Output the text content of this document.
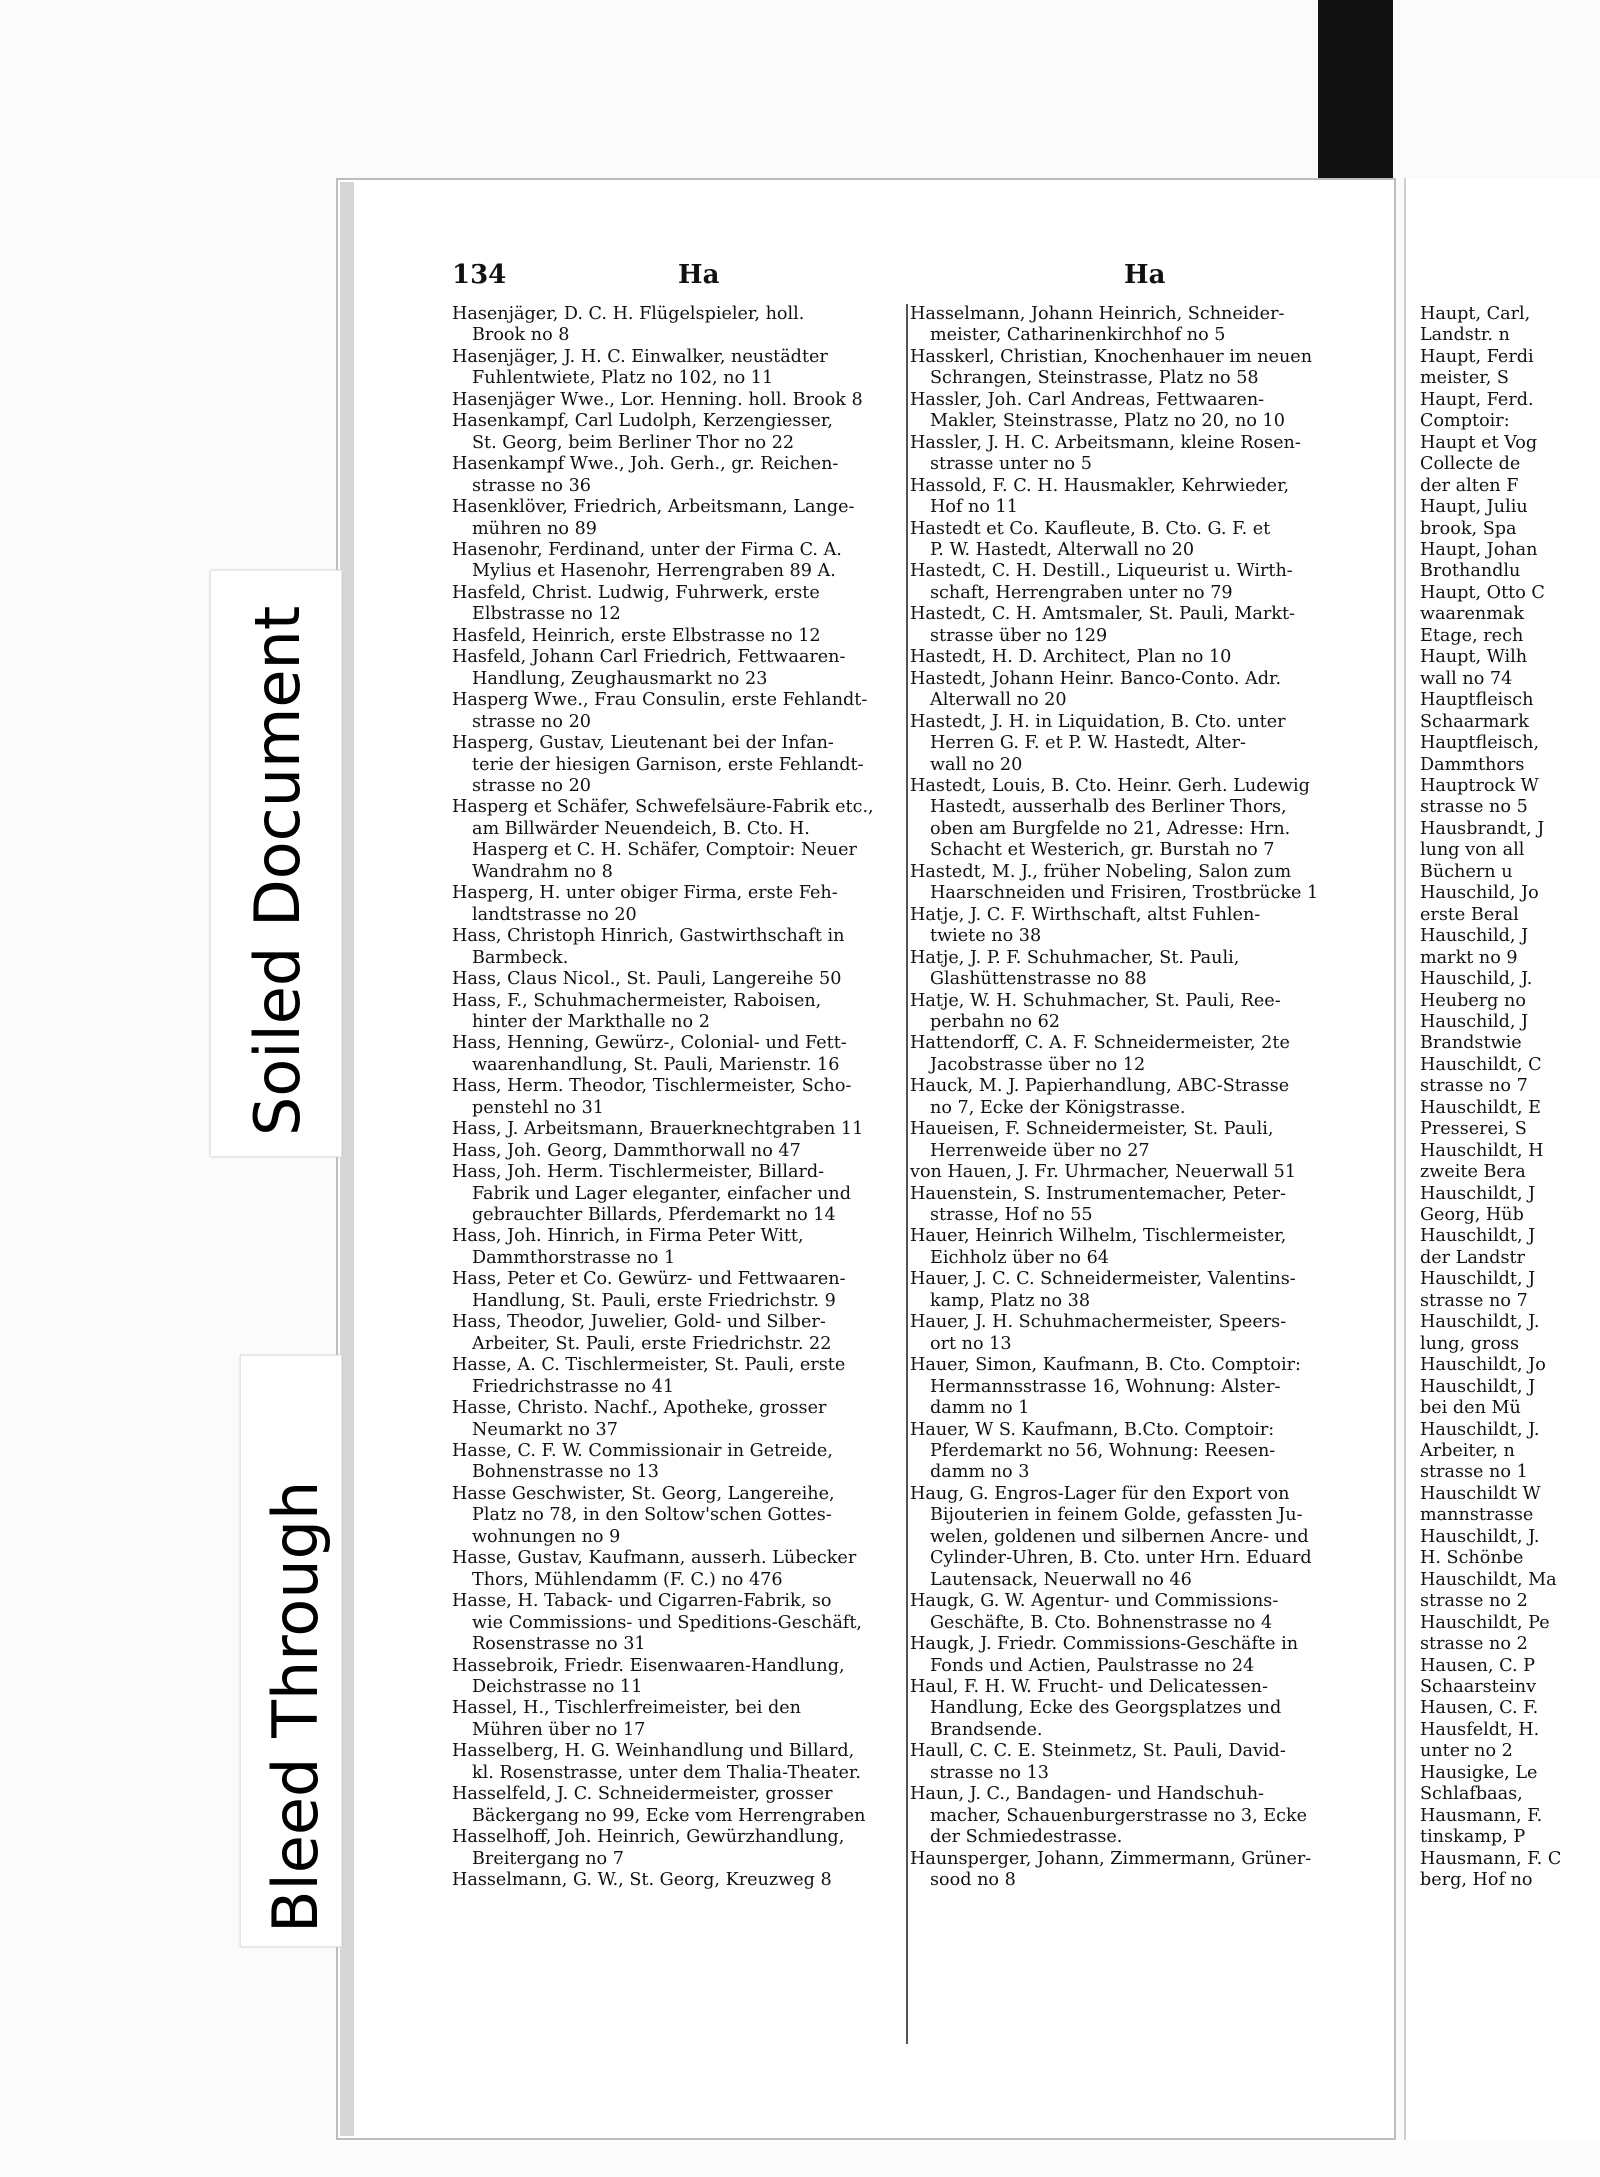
134	Ha	Ha
Hasenjäger, D. C. H. Flügelspieler, holl.
Brook no 8
Hasenjäger, J. H. C. Einwalker, neustädter
Fuhlentwiete, Platz no 102, no 11
Hasenjäger Wwe., Lor. Henning. holl. Brook 8
Hasenkampf, Carl Ludolph, Kerzengiesser,
St. Georg, beim Berliner Thor no 22
Hasenkampf Wwe., Joh. Gerh., gr. Reichen-
strasse no 36
Hasenklöver, Friedrich, Arbeitsmann, Lange-
mühren no 89
Hasenohr, Ferdinand, unter der Firma C. A.
Mylius et Hasenohr, Herrengraben 89 A.
Hasfeld, Christ. Ludwig, Fuhrwerk, erste
Elbstrasse no 12
Hasfeld, Heinrich, erste Elbstrasse no 12
Hasfeld, Johann Carl Friedrich, Fettwaaren-
Handlung, Zeughausmarkt no 23
Hasperg Wwe., Frau Consulin, erste Fehlandt-
strasse no 20
Hasperg, Gustav, Lieutenant bei der Infan-
terie der hiesigen Garnison, erste Fehlandt-
strasse no 20
Hasperg et Schäfer, Schwefelsäure-Fabrik etc.,
am Billwärder Neuendeich, B. Cto. H.
Hasperg et C. H. Schäfer, Comptoir: Neuer
Wandrahm no 8
Hasperg, H. unter obiger Firma, erste Feh-
landtstrasse no 20
Hass, Christoph Hinrich, Gastwirthschaft in
Barmbeck.
Hass, Claus Nicol., St. Pauli, Langereihe 50
Hass, F., Schuhmachermeister, Raboisen,
hinter der Markthalle no 2
Hass, Henning, Gewürz-, Colonial- und Fett-
waarenhandlung, St. Pauli, Marienstr. 16
Hass, Herm. Theodor, Tischlermeister, Scho-
penstehl no 31
Hass, J. Arbeitsmann, Brauerknechtgraben 11
Hass, Joh. Georg, Dammthorwall no 47
Hass, Joh. Herm. Tischlermeister, Billard-
Fabrik und Lager eleganter, einfacher und
gebrauchter Billards, Pferdemarkt no 14
Hass, Joh. Hinrich, in Firma Peter Witt,
Dammthorstrasse no 1
Hass, Peter et Co. Gewürz- und Fettwaaren-
Handlung, St. Pauli, erste Friedrichstr. 9
Hass, Theodor, Juwelier, Gold- und Silber-
Arbeiter, St. Pauli, erste Friedrichstr. 22
Hasse, A. C. Tischlermeister, St. Pauli, erste
Friedrichstrasse no 41
Hasse, Christo. Nachf., Apotheke, grosser
Neumarkt no 37
Hasse, C. F. W. Commissionair in Getreide,
Bohnenstrasse no 13
Hasse Geschwister, St. Georg, Langereihe,
Platz no 78, in den Soltow'schen Gottes-
wohnungen no 9
Hasse, Gustav, Kaufmann, ausserh. Lübecker
Thors, Mühlendamm (F. C.) no 476
Hasse, H. Taback- und Cigarren-Fabrik, so
wie Commissions- und Speditions-Geschäft,
Rosenstrasse no 31
Hassebroik, Friedr. Eisenwaaren-Handlung,
Deichstrasse no 11
Hassel, H., Tischlerfreimeister, bei den
Mühren über no 17
Hasselberg, H. G. Weinhandlung und Billard,
kl. Rosenstrasse, unter dem Thalia-Theater.
Hasselfeld, J. C. Schneidermeister, grosser
Bäckergang no 99, Ecke vom Herrengraben
Hasselhoff, Joh. Heinrich, Gewürzhandlung,
Breitergang no 7
Hasselmann, G. W., St. Georg, Kreuzweg 8
Hasselmann, Johann Heinrich, Schneider-
meister, Catharinenkirchhof no 5
Hasskerl, Christian, Knochenhauer im neuen
Schrangen, Steinstrasse, Platz no 58
Hassler, Joh. Carl Andreas, Fettwaaren-
Makler, Steinstrasse, Platz no 20, no 10
Hassler, J. H. C. Arbeitsmann, kleine Rosen-
strasse unter no 5
Hassold, F. C. H. Hausmakler, Kehrwieder,
Hof no 11
Hastedt et Co. Kaufleute, B. Cto. G. F. et
P. W. Hastedt, Alterwall no 20
Hastedt, C. H. Destill., Liqueurist u. Wirth-
schaft, Herrengraben unter no 79
Hastedt, C. H. Amtsmaler, St. Pauli, Markt-
strasse über no 129
Hastedt, H. D. Architect, Plan no 10
Hastedt, Johann Heinr. Banco-Conto. Adr.
Alterwall no 20
Hastedt, J. H. in Liquidation, B. Cto. unter
Herren G. F. et P. W. Hastedt, Alter-
wall no 20
Hastedt, Louis, B. Cto. Heinr. Gerh. Ludewig
Hastedt, ausserhalb des Berliner Thors,
oben am Burgfelde no 21, Adresse: Hrn.
Schacht et Westerich, gr. Burstah no 7
Hastedt, M. J., früher Nobeling, Salon zum
Haarschneiden und Frisiren, Trostbrücke 1
Hatje, J. C. F. Wirthschaft, altst Fuhlen-
twiete no 38
Hatje, J. P. F. Schuhmacher, St. Pauli,
Glashüttenstrasse no 88
Hatje, W. H. Schuhmacher, St. Pauli, Ree-
perbahn no 62
Hattendorff, C. A. F. Schneidermeister, 2te
Jacobstrasse über no 12
Hauck, M. J. Papierhandlung, ABC-Strasse
no 7, Ecke der Königstrasse.
Haueisen, F. Schneidermeister, St. Pauli,
Herrenweide über no 27
von Hauen, J. Fr. Uhrmacher, Neuerwall 51
Hauenstein, S. Instrumentemacher, Peter-
strasse, Hof no 55
Hauer, Heinrich Wilhelm, Tischlermeister,
Eichholz über no 64
Hauer, J. C. C. Schneidermeister, Valentins-
kamp, Platz no 38
Hauer, J. H. Schuhmachermeister, Speers-
ort no 13
Hauer, Simon, Kaufmann, B. Cto. Comptoir:
Hermannsstrasse 16, Wohnung: Alster-
damm no 1
Hauer, W S. Kaufmann, B.Cto. Comptoir:
Pferdemarkt no 56, Wohnung: Reesen-
damm no 3
Haug, G. Engros-Lager für den Export von
Bijouterien in feinem Golde, gefassten Ju-
welen, goldenen und silbernen Ancre- und
Cylinder-Uhren, B. Cto. unter Hrn. Eduard
Lautensack, Neuerwall no 46
Haugk, G. W. Agentur- und Commissions-
Geschäfte, B. Cto. Bohnenstrasse no 4
Haugk, J. Friedr. Commissions-Geschäfte in
Fonds und Actien, Paulstrasse no 24
Haul, F. H. W. Frucht- und Delicatessen-
Handlung, Ecke des Georgsplatzes und
Brandsende.
Haull, C. C. E. Steinmetz, St. Pauli, David-
strasse no 13
Haun, J. C., Bandagen- und Handschuh-
macher, Schauenburgerstrasse no 3, Ecke
der Schmiedestrasse.
Haunsperger, Johann, Zimmermann, Grüner-
sood no 8
Haupt, Carl,
Landstr. n
Haupt, Ferdi
meister, S
Haupt, Ferd.
Comptoir:
Haupt et Vog
Collecte de
der alten F
Haupt, Juliu
brook, Spa
Haupt, Johan
Brothandlu
Haupt, Otto C
waarenmak
Etage, rech
Haupt, Wilh
wall no 74
Hauptfleisch
Schaarmark
Hauptfleisch,
Dammthors
Hauptrock W
strasse no 5
Hausbrandt, J
lung von all
Büchern u
Hauschild, Jo
erste Beral
Hauschild, J
markt no 9
Hauschild, J.
Heuberg no
Hauschild, J
Brandstwie
Hauschildt, C
strasse no 7
Hauschildt, E
Presserei, S
Hauschildt, H
zweite Bera
Hauschildt, J
Georg, Hüb
Hauschildt, J
der Landstr
Hauschildt, J
strasse no 7
Hauschildt, J.
lung, gross
Hauschildt, Jo
Hauschildt, J
bei den Mü
Hauschildt, J.
Arbeiter, n
strasse no 1
Hauschildt W
mannstrasse
Hauschildt, J.
H. Schönbe
Hauschildt, Ma
strasse no 2
Hauschildt, Pe
strasse no 2
Hausen, C. P
Schaarsteinv
Hausen, C. F.
Hausfeldt, H.
unter no 2
Hausigke, Le
Schlafbaas,
Hausmann, F.
tinskamp, P
Hausmann, F. C
berg, Hof no
Soiled Document
Bleed Through
